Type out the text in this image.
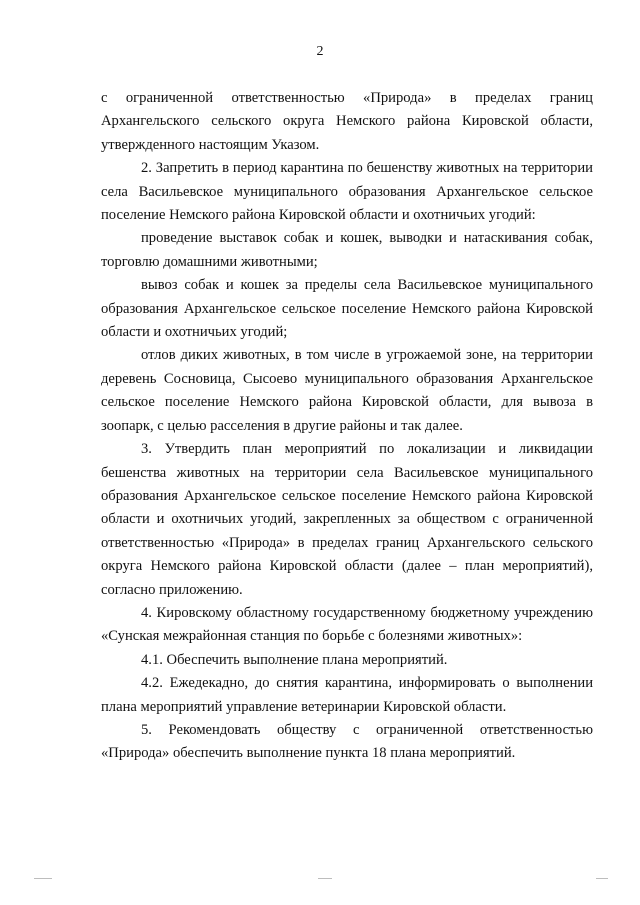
2

с ограниченной ответственностью «Природа» в пределах границ Архангельского сельского округа Немского района Кировской области, утвержденного настоящим Указом.

2. Запретить в период карантина по бешенству животных на территории села Васильевское муниципального образования Архангельское сельское поселение Немского района Кировской области и охотничьих угодий:

проведение выставок собак и кошек, выводки и натаскивания собак, торговлю домашними животными;

вывоз собак и кошек за пределы села Васильевское муниципального образования Архангельское сельское поселение Немского района Кировской области и охотничьих угодий;

отлов диких животных, в том числе в угрожаемой зоне, на территории деревень Сосновица, Сысоево муниципального образования Архангельское сельское поселение Немского района Кировской области, для вывоза в зоопарк, с целью расселения в другие районы и так далее.

3. Утвердить план мероприятий по локализации и ликвидации бешенства животных на территории села Васильевское муниципального образования Архангельское сельское поселение Немского района Кировской области и охотничьих угодий, закрепленных за обществом с ограниченной ответственностью «Природа» в пределах границ Архангельского сельского округа Немского района Кировской области (далее – план мероприятий), согласно приложению.

4. Кировскому областному государственному бюджетному учреждению «Сунская межрайонная станция по борьбе с болезнями животных»:

4.1. Обеспечить выполнение плана мероприятий.

4.2. Ежедекадно, до снятия карантина, информировать о выполнении плана мероприятий управление ветеринарии Кировской области.

5. Рекомендовать обществу с ограниченной ответственностью «Природа» обеспечить выполнение пункта 18 плана мероприятий.
